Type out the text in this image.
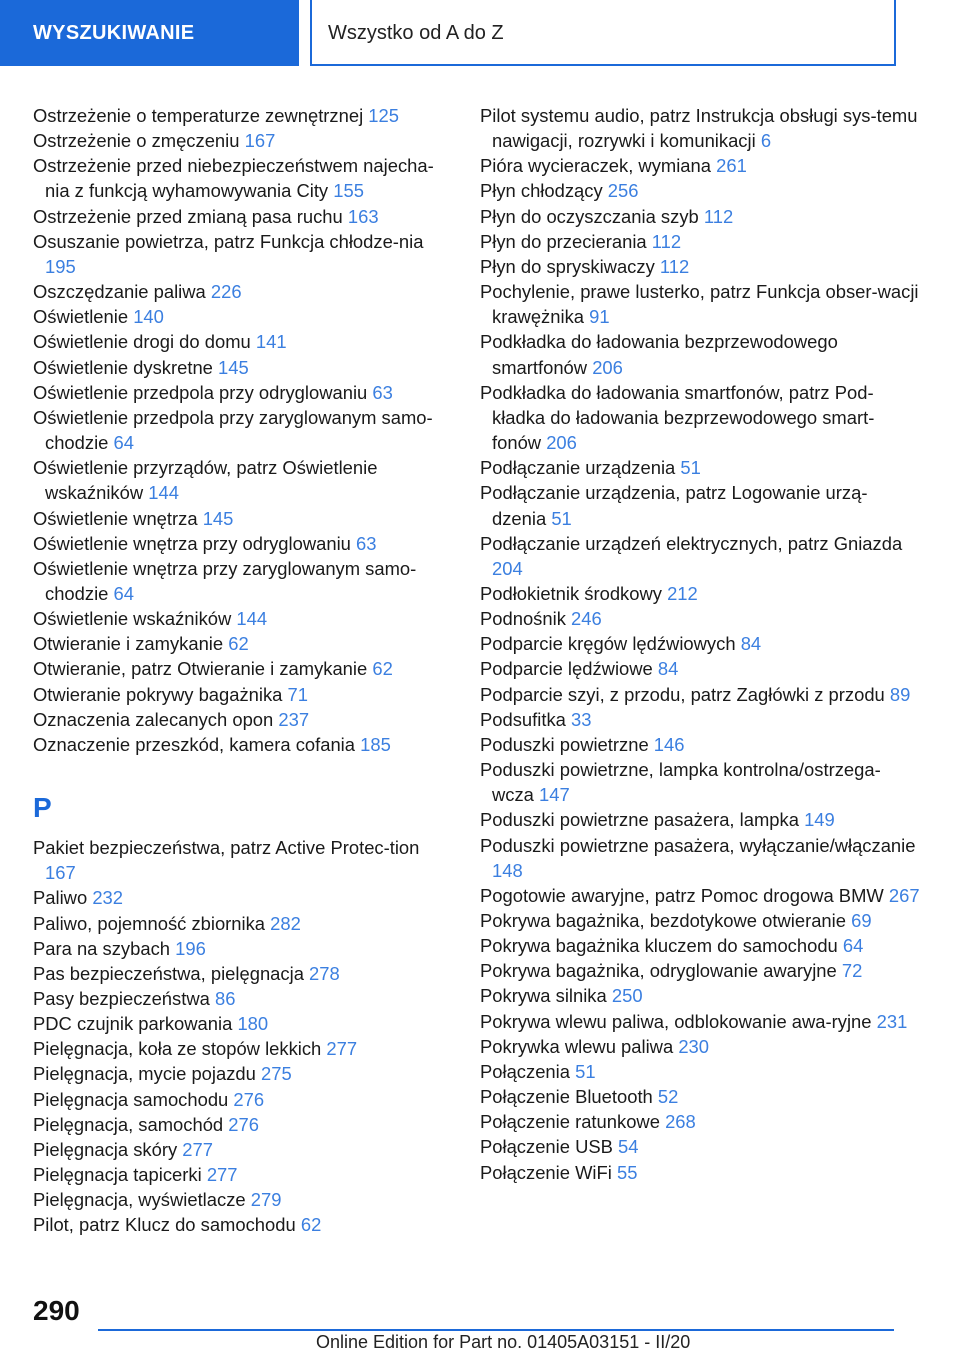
WYSZUKIWANIE	Wszystko od A do Z
Ostrzeżenie o temperaturze zewnętrznej 125
Ostrzeżenie o zmęczeniu 167
Ostrzeżenie przed niebezpieczeństwem najecha-nia z funkcją wyhamowywania City 155
Ostrzeżenie przed zmianą pasa ruchu 163
Osuszanie powietrza, patrz Funkcja chłodze-nia 195
Oszczędzanie paliwa 226
Oświetlenie 140
Oświetlenie drogi do domu 141
Oświetlenie dyskretne 145
Oświetlenie przedpola przy odryglowaniu 63
Oświetlenie przedpola przy zaryglowanym samo-chodzie 64
Oświetlenie przyrządów, patrz Oświetlenie wskaźników 144
Oświetlenie wnętrza 145
Oświetlenie wnętrza przy odryglowaniu 63
Oświetlenie wnętrza przy zaryglowanym samo-chodzie 64
Oświetlenie wskaźników 144
Otwieranie i zamykanie 62
Otwieranie, patrz Otwieranie i zamykanie 62
Otwieranie pokrywy bagażnika 71
Oznaczenia zalecanych opon 237
Oznaczenie przeszkód, kamera cofania 185
P
Pakiet bezpieczeństwa, patrz Active Protec-tion 167
Paliwo 232
Paliwo, pojemność zbiornika 282
Para na szybach 196
Pas bezpieczeństwa, pielęgnacja 278
Pasy bezpieczeństwa 86
PDC czujnik parkowania 180
Pielęgnacja, koła ze stopów lekkich 277
Pielęgnacja, mycie pojazdu 275
Pielęgnacja samochodu 276
Pielęgnacja, samochód 276
Pielęgnacja skóry 277
Pielęgnacja tapicerki 277
Pielęgnacja, wyświetlacze 279
Pilot, patrz Klucz do samochodu 62
Pilot systemu audio, patrz Instrukcja obsługi sys-temu nawigacji, rozrywki i komunikacji 6
Pióra wycieraczek, wymiana 261
Płyn chłodzący 256
Płyn do oczyszczania szyb 112
Płyn do przecierania 112
Płyn do spryskiwaczy 112
Pochylenie, prawe lusterko, patrz Funkcja obser-wacji krawężnika 91
Podkładka do ładowania bezprzewodowego smartfonów 206
Podkładka do ładowania smartfonów, patrz Pod-kładka do ładowania bezprzewodowego smart-fonów 206
Podłączanie urządzenia 51
Podłączanie urządzenia, patrz Logowanie urzą-dzenia 51
Podłączanie urządzeń elektrycznych, patrz Gniazda 204
Podłokietnik środkowy 212
Podnośnik 246
Podparcie kręgów lędźwiowych 84
Podparcie lędźwiowe 84
Podparcie szyi, z przodu, patrz Zagłówki z przodu 89
Podsufitka 33
Poduszki powietrzne 146
Poduszki powietrzne, lampka kontrolna/ostrzega-wcza 147
Poduszki powietrzne pasażera, lampka 149
Poduszki powietrzne pasażera, wyłączanie/włączanie 148
Pogotowie awaryjne, patrz Pomoc drogowa BMW 267
Pokrywa bagażnika, bezdotykowe otwieranie 69
Pokrywa bagażnika kluczem do samochodu 64
Pokrywa bagażnika, odryglowanie awaryjne 72
Pokrywa silnika 250
Pokrywa wlewu paliwa, odblokowanie awa-ryjne 231
Pokrywka wlewu paliwa 230
Połączenia 51
Połączenie Bluetooth 52
Połączenie ratunkowe 268
Połączenie USB 54
Połączenie WiFi 55
290
Online Edition for Part no. 01405A03151 - II/20
